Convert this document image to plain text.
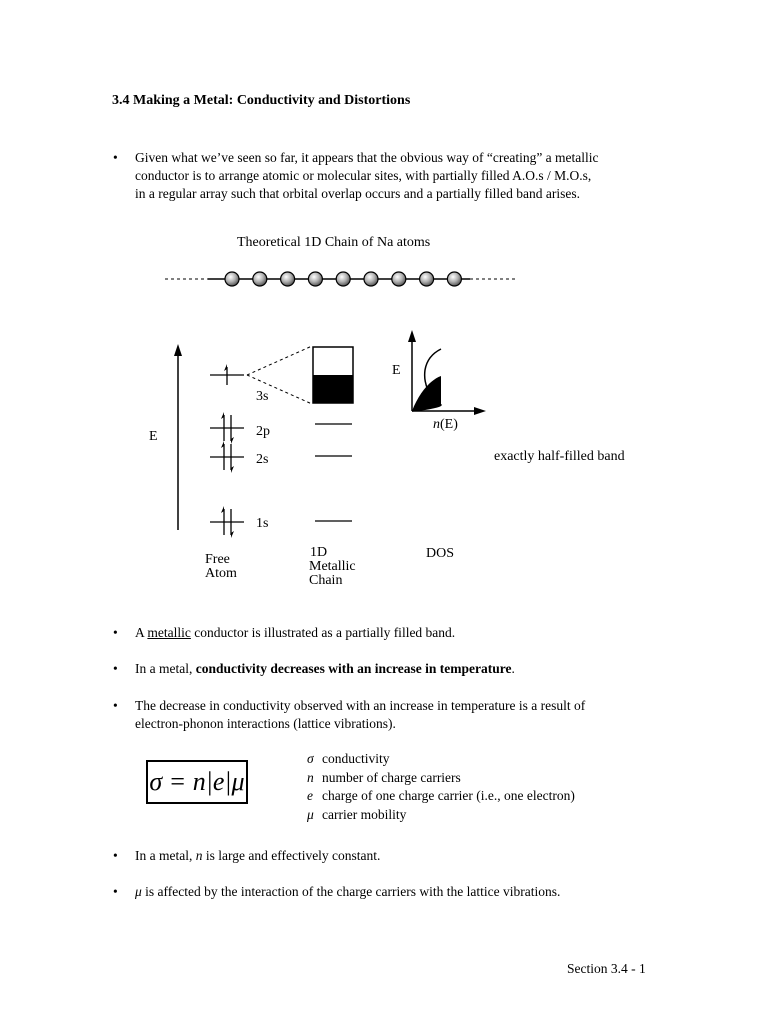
3.4 Making a Metal: Conductivity and Distortions
• Given what we’ve seen so far, it appears that the obvious way of “creating” a metallic
conductor is to arrange atomic or molecular sites, with partially filled A.O.s / M.O.s,
in a regular array such that orbital overlap occurs and a partially filled band arises.
Theoretical 1D Chain of Na atoms
E
3s
2p
2s
1s
E
n(E)
exactly half-filled band
Free
Atom
1D
Metallic
Chain
DOS
• A metallic conductor is illustrated as a partially filled band.
• In a metal, conductivity decreases with an increase in temperature.
• The decrease in conductivity observed with an increase in temperature is a result of
electron-phonon interactions (lattice vibrations).
σ = n|e|μ
σ conductivity
n number of charge carriers
e charge of one charge carrier (i.e., one electron)
μ carrier mobility
• In a metal, n is large and effectively constant.
• μ is affected by the interaction of the charge carriers with the lattice vibrations.
Section 3.4 - 1
